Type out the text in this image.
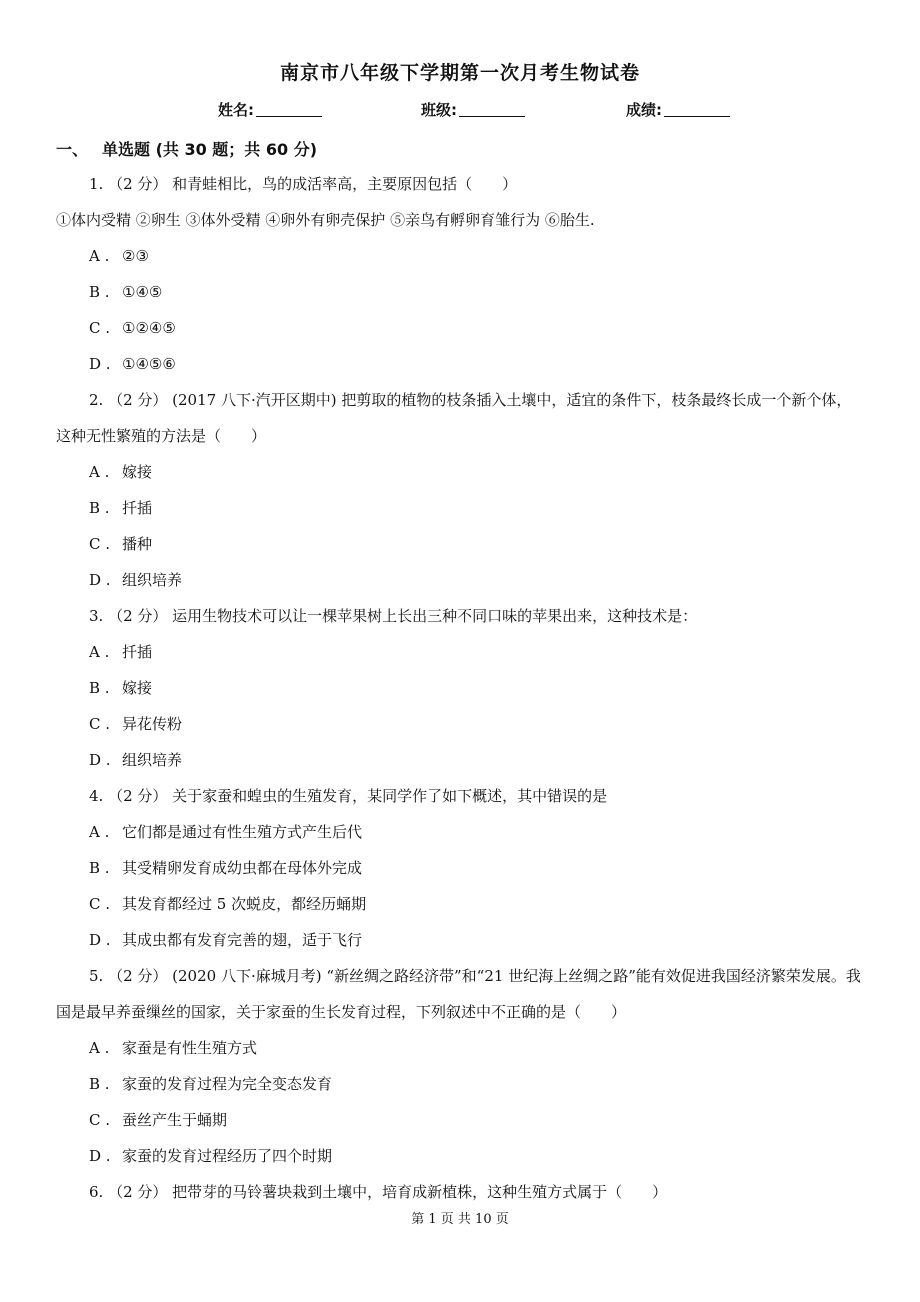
南京市八年级下学期第一次月考生物试卷
姓名:	班级:	成绩:
一、 单选题 (共 30 题；共 60 分)
1. （2 分） 和青蛙相比，鸟的成活率高，主要原因包括（　　）
①体内受精 ②卵生 ③体外受精 ④卵外有卵壳保护 ⑤亲鸟有孵卵育雏行为 ⑥胎生.
A . ②③
B . ①④⑤
C . ①②④⑤
D . ①④⑤⑥
2. （2 分） (2017 八下·汽开区期中) 把剪取的植物的枝条插入土壤中，适宜的条件下，枝条最终长成一个新个体，这种无性繁殖的方法是（　　）
A . 嫁接
B . 扦插
C . 播种
D . 组织培养
3. （2 分） 运用生物技术可以让一棵苹果树上长出三种不同口味的苹果出来，这种技术是：
A . 扦插
B . 嫁接
C . 异花传粉
D . 组织培养
4. （2 分） 关于家蚕和蝗虫的生殖发育，某同学作了如下概述，其中错误的是
A . 它们都是通过有性生殖方式产生后代
B . 其受精卵发育成幼虫都在母体外完成
C . 其发育都经过 5 次蜕皮，都经历蛹期
D . 其成虫都有发育完善的翅，适于飞行
5. （2 分） (2020 八下·麻城月考) “新丝绸之路经济带”和“21 世纪海上丝绸之路”能有效促进我国经济繁荣发展。我国是最早养蚕缫丝的国家，关于家蚕的生长发育过程，下列叙述中不正确的是（　　）
A . 家蚕是有性生殖方式
B . 家蚕的发育过程为完全变态发育
C . 蚕丝产生于蛹期
D . 家蚕的发育过程经历了四个时期
6. （2 分） 把带芽的马铃薯块栽到土壤中，培育成新植株，这种生殖方式属于（　　）
第 1 页 共 10 页
